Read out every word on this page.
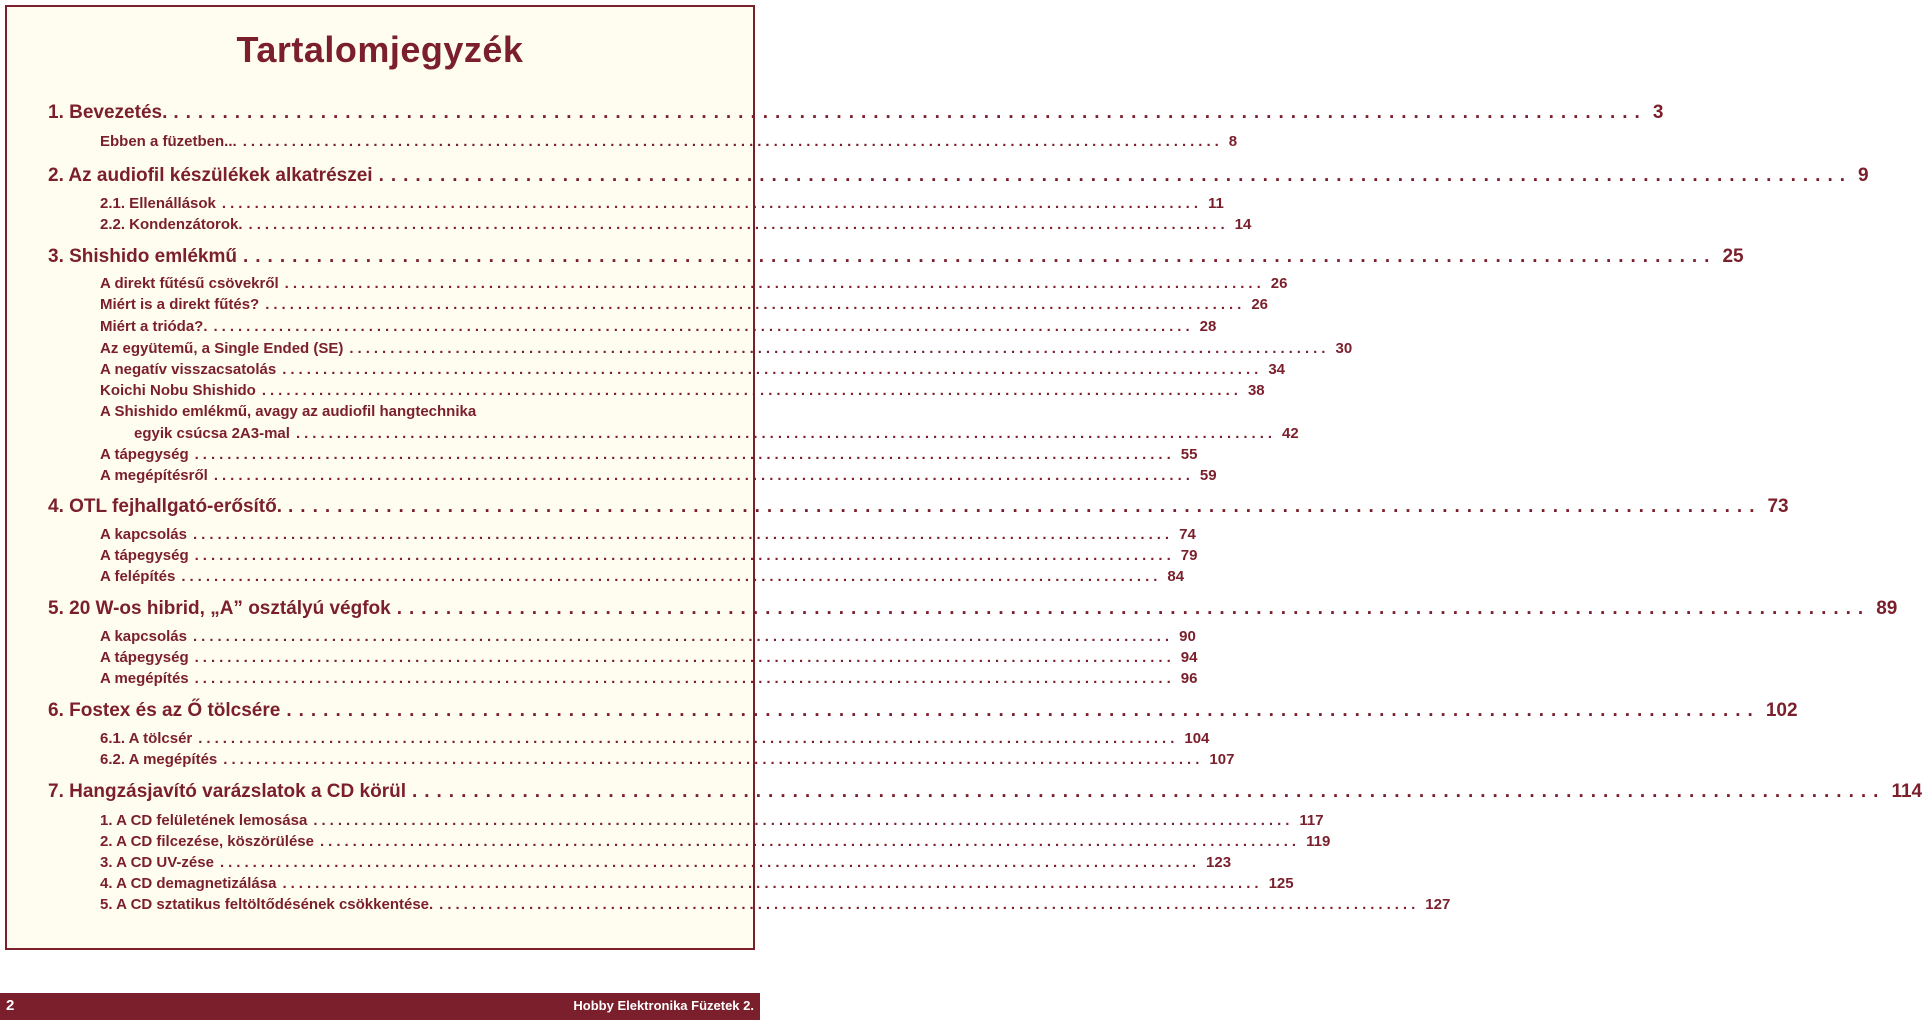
Tartalomjegyzék
1. Bevezetés. ........................................................................................................................ 3
Ebben a füzetben... ........................................................................................................................ 8
2. Az audiofil készülékek alkatrészei ........................................................................................................................ 9
2.1. Ellenállások ........................................................................................................................ 11
2.2. Kondenzátorok. ........................................................................................................................ 14
3. Shishido emlékmű ........................................................................................................................ 25
A direkt fűtésű csövekről ........................................................................................................................ 26
Miért is a direkt fűtés? ........................................................................................................................ 26
Miért a trióda?. ........................................................................................................................ 28
Az együtemű, a Single Ended (SE) ........................................................................................................................ 30
A negatív visszacsatolás ........................................................................................................................ 34
Koichi Nobu Shishido ........................................................................................................................ 38
A Shishido emlékmű, avagy az audiofil hangtechnika
egyik csúcsa 2A3-mal ........................................................................................................................ 42
A tápegység ........................................................................................................................ 55
A megépítésről ........................................................................................................................ 59
4. OTL fejhallgató-erősítő. ........................................................................................................................ 73
A kapcsolás ........................................................................................................................ 74
A tápegység ........................................................................................................................ 79
A felépítés ........................................................................................................................ 84
5. 20 W-os hibrid, „A” osztályú végfok ........................................................................................................................ 89
A kapcsolás ........................................................................................................................ 90
A tápegység ........................................................................................................................ 94
A megépítés ........................................................................................................................ 96
6. Fostex és az Ő tölcsére ........................................................................................................................ 102
6.1. A tölcsér ........................................................................................................................ 104
6.2. A megépítés ........................................................................................................................ 107
7. Hangzásjavító varázslatok a CD körül ........................................................................................................................ 114
1. A CD felületének lemosása ........................................................................................................................ 117
2. A CD filcezése, köszörülése ........................................................................................................................ 119
3. A CD UV-zése ........................................................................................................................ 123
4. A CD demagnetizálása ........................................................................................................................ 125
5. A CD sztatikus feltöltődésének csökkentése. ........................................................................................................................ 127
2	Hobby Elektronika Füzetek 2.
